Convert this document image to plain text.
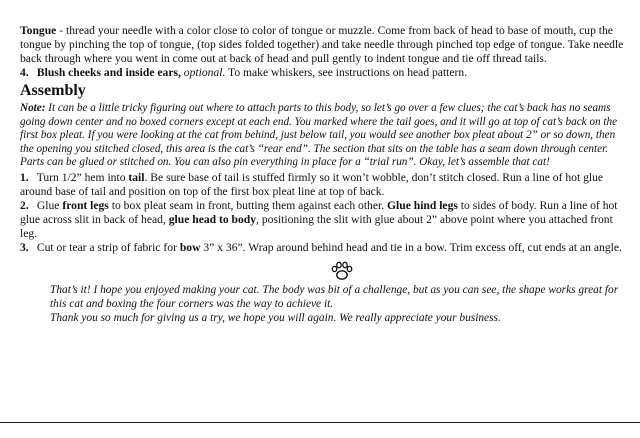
Tongue - thread your needle with a color close to color of tongue or muzzle. Come from back of head to base of mouth, cup the tongue by pinching the top of tongue, (top sides folded together) and take needle through pinched top edge of tongue. Take needle back through where you went in come out at back of head and pull gently to indent tongue and tie off thread tails.

4. Blush cheeks and inside ears, optional. To make whiskers, see instructions on head pattern.

Assembly

Note: It can be a little tricky figuring out where to attach parts to this body, so let’s go over a few clues; the cat’s back has no seams going down center and no boxed corners except at each end. You marked where the tail goes, and it will go at top of cat’s back on the first box pleat. If you were looking at the cat from behind, just below tail, you would see another box pleat about 2” or so down, then the opening you stitched closed, this area is the cat’s “rear end”. The section that sits on the table has a seam down through center. Parts can be glued or stitched on. You can also pin everything in place for a “trial run”. Okay, let’s assemble that cat!

1. Turn 1/2” hem into tail. Be sure base of tail is stuffed firmly so it won’t wobble, don’t stitch closed. Run a line of hot glue around base of tail and position on top of the first box pleat line at top of back.

2. Glue front legs to box pleat seam in front, butting them against each other. Glue hind legs to sides of body. Run a line of hot glue across slit in back of head, glue head to body, positioning the slit with glue about 2” above point where you attached front leg.

3. Cut or tear a strip of fabric for bow 3” x 36”. Wrap around behind head and tie in a bow. Trim excess off, cut ends at an angle.

That’s it! I hope you enjoyed making your cat. The body was bit of a challenge, but as you can see, the shape works great for this cat and boxing the four corners was the way to achieve it.

Thank you so much for giving us a try, we hope you will again. We really appreciate your business.
